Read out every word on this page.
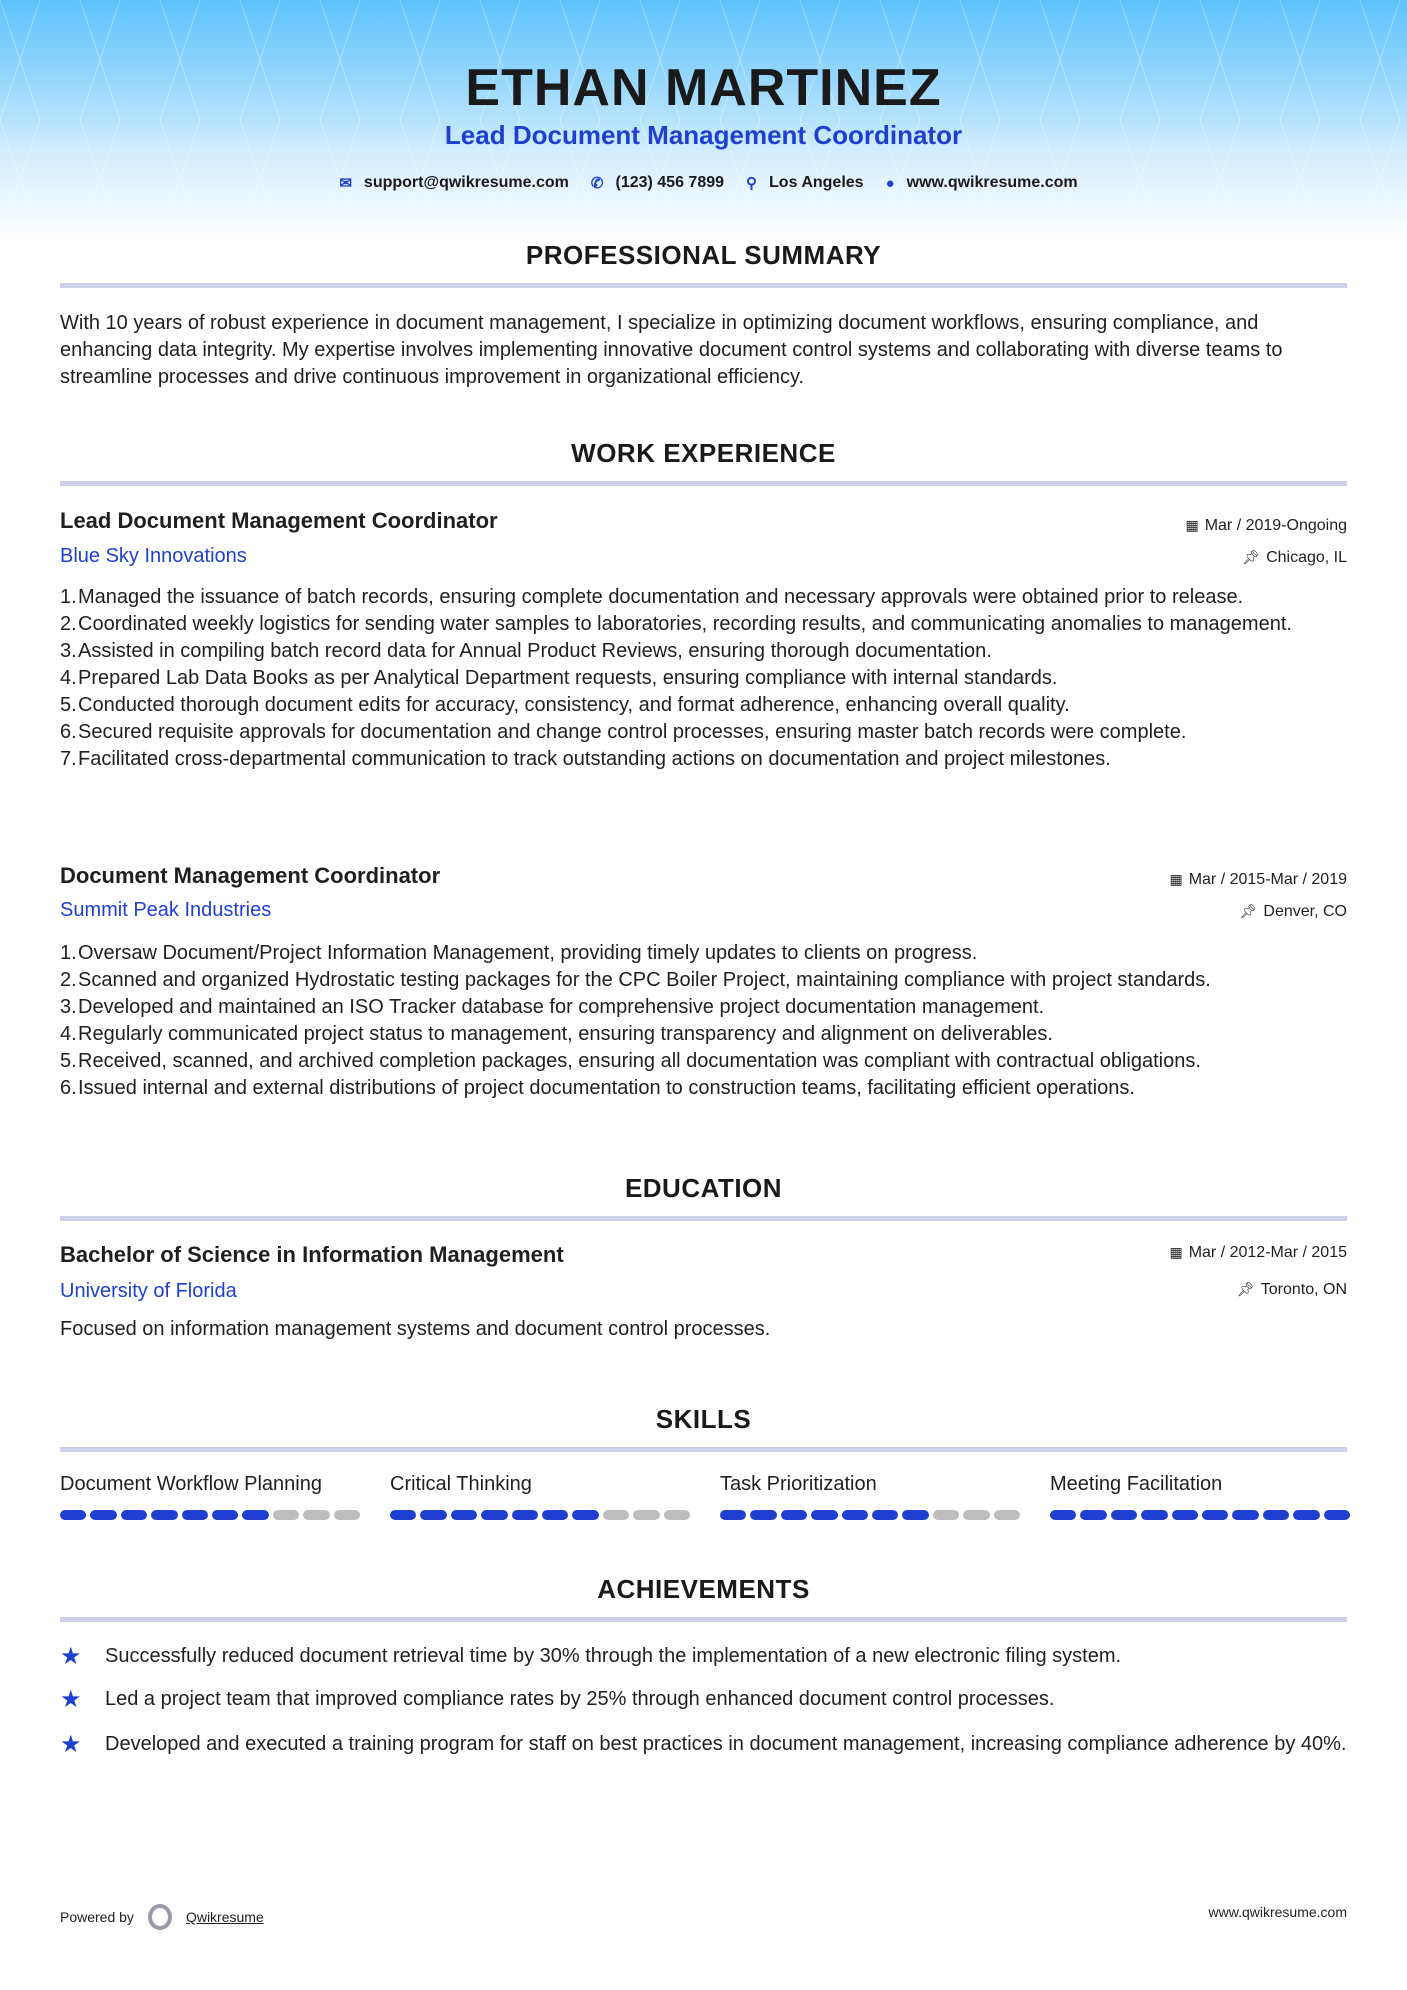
ETHAN MARTINEZ
Lead Document Management Coordinator
✉ support@qwikresume.com ✆ (123) 456 7899 ⚲ Los Angeles ● www.qwikresume.com
PROFESSIONAL SUMMARY
With 10 years of robust experience in document management, I specialize in optimizing document workflows, ensuring compliance, and enhancing data integrity. My expertise involves implementing innovative document control systems and collaborating with diverse teams to streamline processes and drive continuous improvement in organizational efficiency.
WORK EXPERIENCE
Lead Document Management Coordinator	▦ Mar / 2019-Ongoing
Blue Sky Innovations	📌︎ Chicago, IL
Managed the issuance of batch records, ensuring complete documentation and necessary approvals were obtained prior to release.
Coordinated weekly logistics for sending water samples to laboratories, recording results, and communicating anomalies to management.
Assisted in compiling batch record data for Annual Product Reviews, ensuring thorough documentation.
Prepared Lab Data Books as per Analytical Department requests, ensuring compliance with internal standards.
Conducted thorough document edits for accuracy, consistency, and format adherence, enhancing overall quality.
Secured requisite approvals for documentation and change control processes, ensuring master batch records were complete.
Facilitated cross-departmental communication to track outstanding actions on documentation and project milestones.
Document Management Coordinator	▦ Mar / 2015-Mar / 2019
Summit Peak Industries	📌︎ Denver, CO
Oversaw Document/Project Information Management, providing timely updates to clients on progress.
Scanned and organized Hydrostatic testing packages for the CPC Boiler Project, maintaining compliance with project standards.
Developed and maintained an ISO Tracker database for comprehensive project documentation management.
Regularly communicated project status to management, ensuring transparency and alignment on deliverables.
Received, scanned, and archived completion packages, ensuring all documentation was compliant with contractual obligations.
Issued internal and external distributions of project documentation to construction teams, facilitating efficient operations.
EDUCATION
Bachelor of Science in Information Management	▦ Mar / 2012-Mar / 2015
University of Florida	📌︎ Toronto, ON
Focused on information management systems and document control processes.
SKILLS
Document Workflow Planning	Critical Thinking	Task Prioritization	Meeting Facilitation
ACHIEVEMENTS
★	Successfully reduced document retrieval time by 30% through the implementation of a new electronic filing system.
★	Led a project team that improved compliance rates by 25% through enhanced document control processes.
★	Developed and executed a training program for staff on best practices in document management, increasing compliance adherence by 40%.
Powered by	Qwikresume	www.qwikresume.com
